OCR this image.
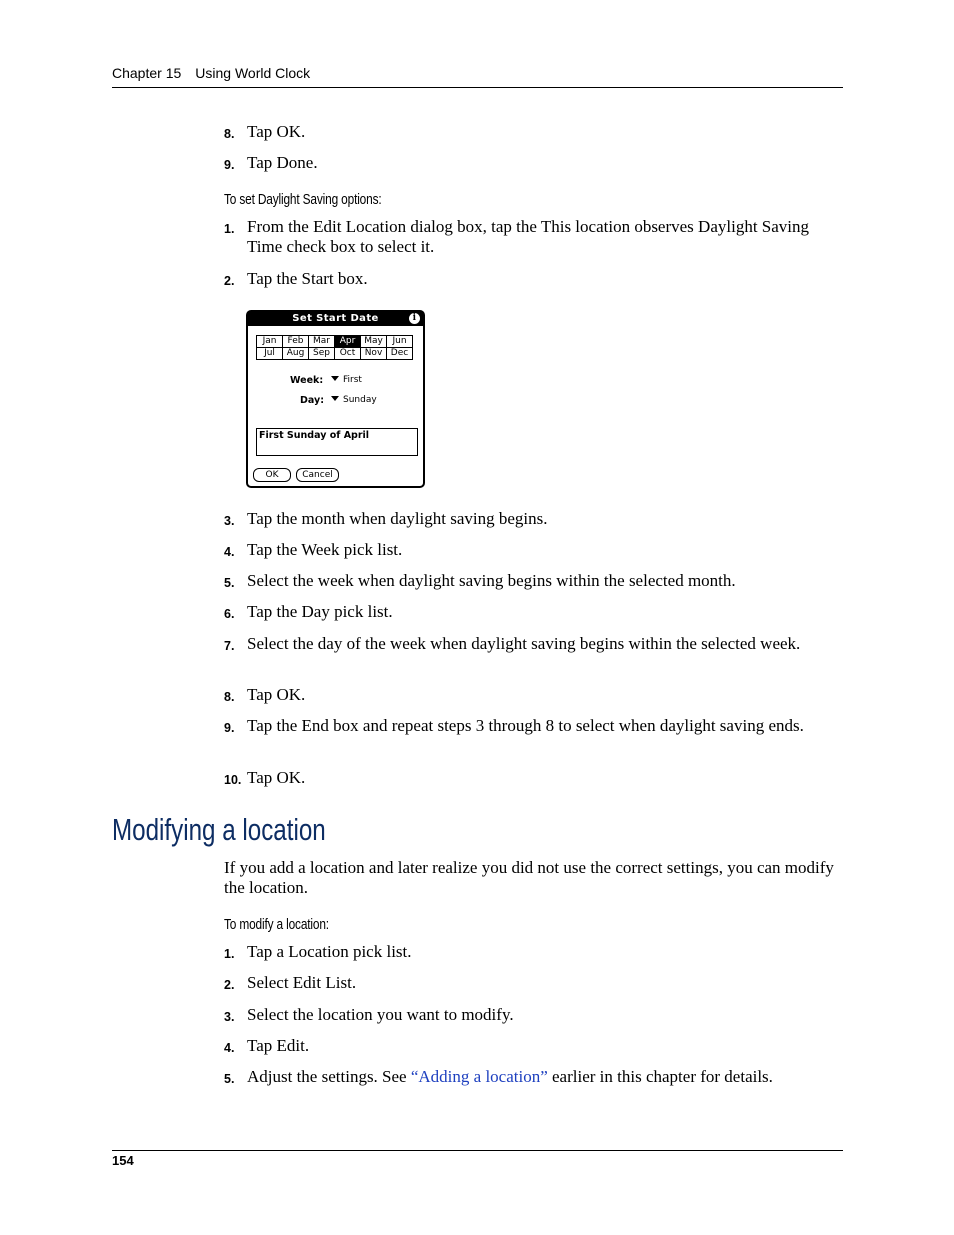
Chapter 15 Using World Clock
8. Tap OK.
9. Tap Done.
To set Daylight Saving options:
1. From the Edit Location dialog box, tap the This location observes Daylight Saving Time check box to select it.
2. Tap the Start box.
Set Start Date	i
Jan	Feb	Mar	Apr	May	Jun
Jul	Aug	Sep	Oct	Nov	Dec
Week:	First
Day:	Sunday
First Sunday of April
OK	Cancel
3. Tap the month when daylight saving begins.
4. Tap the Week pick list.
5. Select the week when daylight saving begins within the selected month.
6. Tap the Day pick list.
7. Select the day of the week when daylight saving begins within the selected week.
8. Tap OK.
9. Tap the End box and repeat steps 3 through 8 to select when daylight saving ends.
10. Tap OK.
Modifying a location
If you add a location and later realize you did not use the correct settings, you can modify the location.
To modify a location:
1. Tap a Location pick list.
2. Select Edit List.
3. Select the location you want to modify.
4. Tap Edit.
5. Adjust the settings. See “Adding a location” earlier in this chapter for details.
154
